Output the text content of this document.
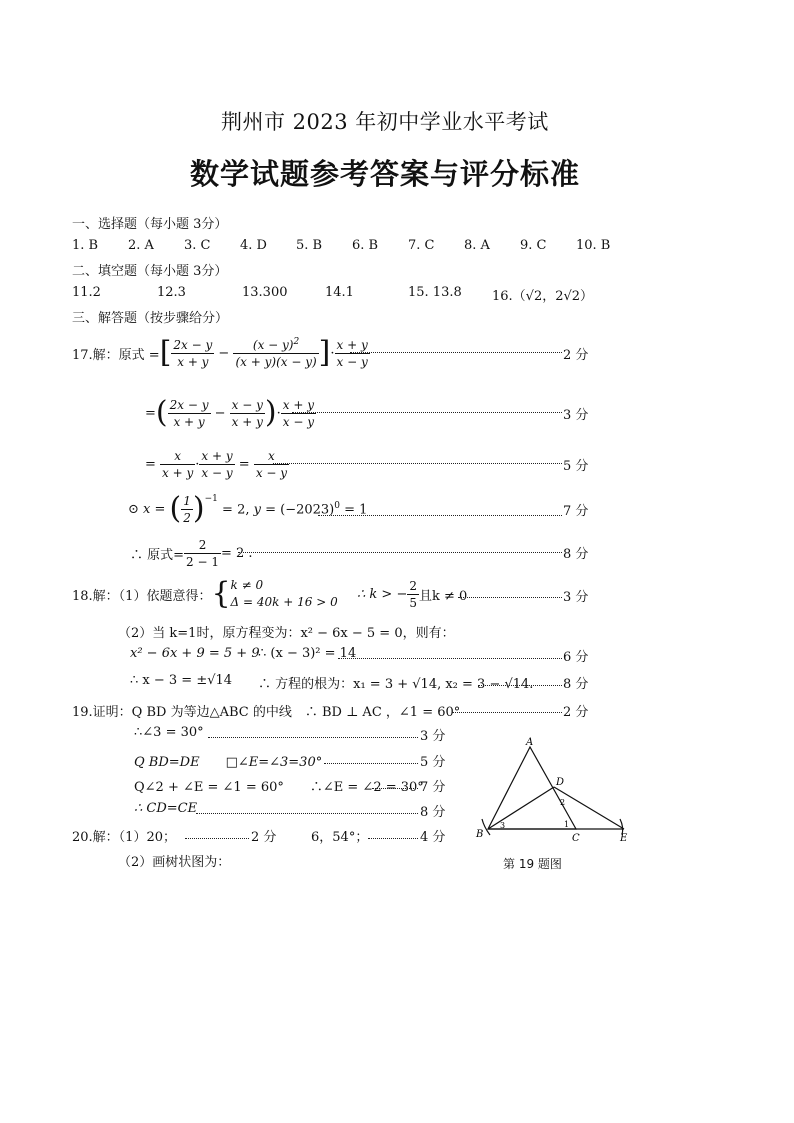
荆州市 2023 年初中学业水平考试
数学试题参考答案与评分标准
一、选择题（每小题 3分）
1. B 2. A 3. C 4. D 5. B 6. B 7. C 8. A 9. C 10. B
二、填空题（每小题 3分）
11.2	12.3	13.300	14.1	15. 13.8 16.（√2，2√2）
三、解答题（按步骤给分）
17.解：原式 = [ $\frac{2x - y}{x + y} - \frac{(x - y)^2}{(x + y)(x - y)}$ ] · $\frac{x + y}{x - y}$	2 分
= ( $\frac{2x - y}{x + y} - \frac{x - y}{x + y}$ ) · $\frac{x + y}{x - y}$	3 分
= $\frac{x}{x + y} \cdot \frac{x + y}{x - y} = \frac{x}{x - y}$	5 分
⊙ x = ( $\frac{1}{2}$ ) −1
= 2, $y = (-2023)^0 = 1$	7 分
∴ 原式= $\frac{2}{2 - 1} = 2$ .	8 分
18.解：（1）依题意得： { k ≠ 0
Δ = 40k + 16 > 0
∴ k > − $\frac{2}{5}$ 且k ≠ 0	3 分
（2）当 k=1时，原方程变为：x² − 6x − 5 = 0，则有：
x² − 6x + 9 = 5 + 9
∴ (x − 3)² = 14	6 分
∴ x − 3 = ±√14 ∴ 方程的根为：x₁ = 3 + √14, x₂ = 3 − √14. 8 分
19.证明：Q BD 为等边△ABC 的中线　∴ BD ⊥ AC ，∠1 = 60°	2 分
∴∠3 = 30°	3 分
Q BD=DE　　□∠E=∠3=30°	5 分
Q∠2 + ∠E = ∠1 = 60°　　∴∠E = ∠2 = 30°
7 分
∴ CD=CE	8 分
A
B	C
D
E
1
2
3
第 19 题图
20.解：（1）20；	2 分	6，54°；	4 分
（2）画树状图为：
